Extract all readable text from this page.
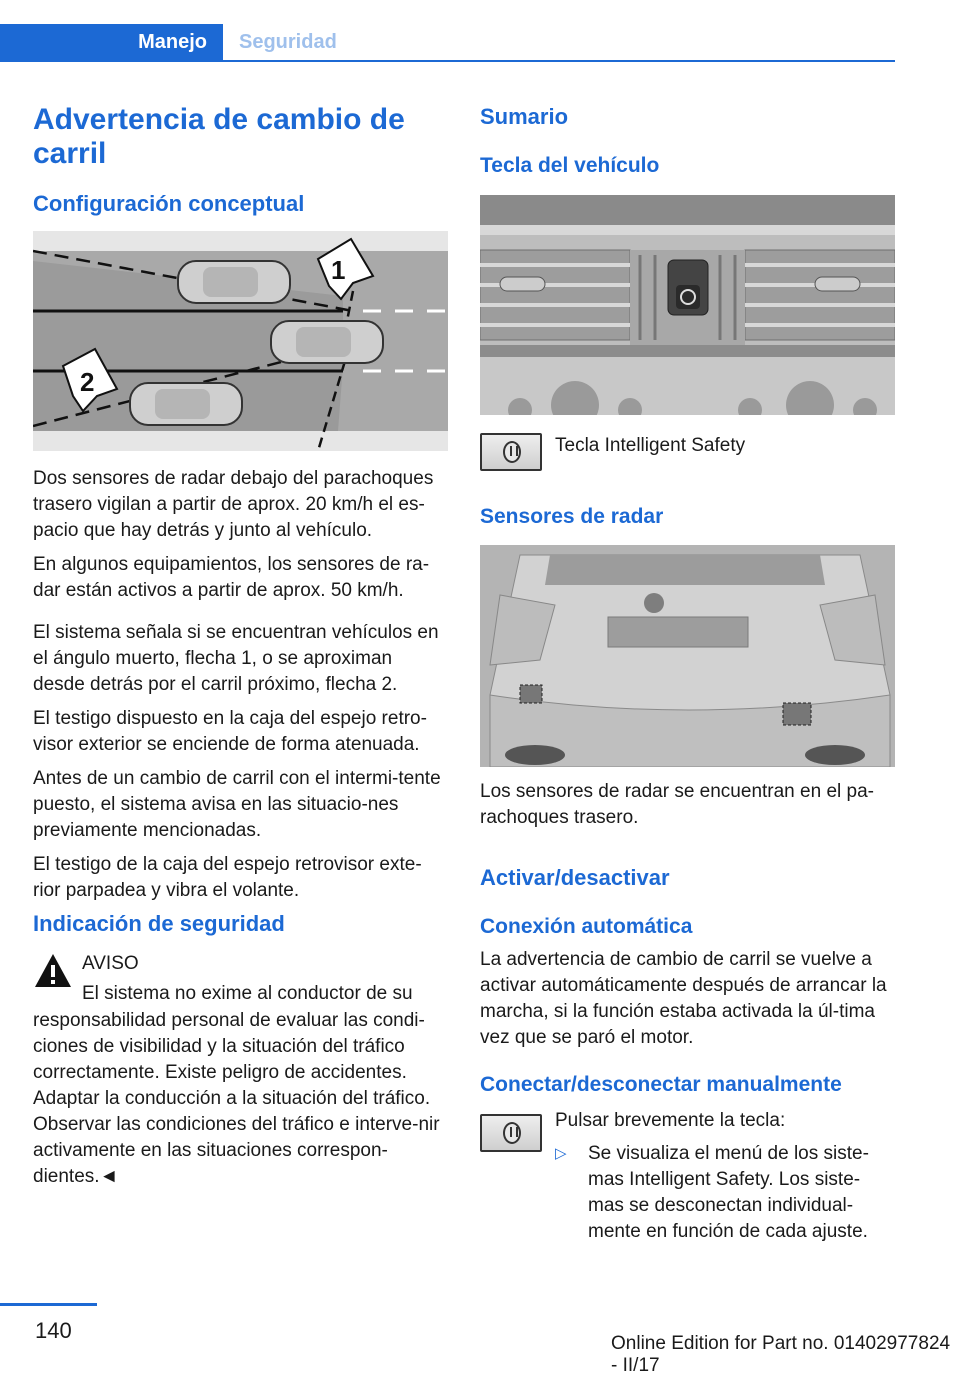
Manejo Seguridad
Advertencia de cambio de carril
Configuración conceptual
1
2

Dos sensores de radar debajo del parachoques trasero vigilan a partir de aprox. 20 km/h el es‐pacio que hay detrás y junto al vehículo.

En algunos equipamientos, los sensores de ra‐dar están activos a partir de aprox. 50 km/h.

El sistema señala si se encuentran vehículos en el ángulo muerto, flecha 1, o se aproximan desde detrás por el carril próximo, flecha 2.

El testigo dispuesto en la caja del espejo retro‐visor exterior se enciende de forma atenuada.

Antes de un cambio de carril con el intermi‐tente puesto, el sistema avisa en las situacio‐nes previamente mencionadas.

El testigo de la caja del espejo retrovisor exte‐rior parpadea y vibra el volante.

Indicación de seguridad

AVISO

El sistema no exime al conductor de su

responsabilidad personal de evaluar las condi‐ciones de visibilidad y la situación del tráfico correctamente. Existe peligro de accidentes. Adaptar la conducción a la situación del tráfico. Observar las condiciones del tráfico e interve‐nir activamente en las situaciones correspon‐dientes.◄

Sumario
Tecla del vehículo

Tecla Intelligent Safety

Sensores de radar

Los sensores de radar se encuentran en el pa‐rachoques trasero.

Activar/desactivar
Conexión automática

La advertencia de cambio de carril se vuelve a activar automáticamente después de arrancar la marcha, si la función estaba activada la úl‐tima vez que se paró el motor.

Conectar/desconectar manualmente

Pulsar brevemente la tecla:

▷ Se visualiza el menú de los siste‐mas Intelligent Safety. Los siste‐mas se desconectan individual‐mente en función de cada ajuste.

140
Online Edition for Part no. 01402977824 - II/17
